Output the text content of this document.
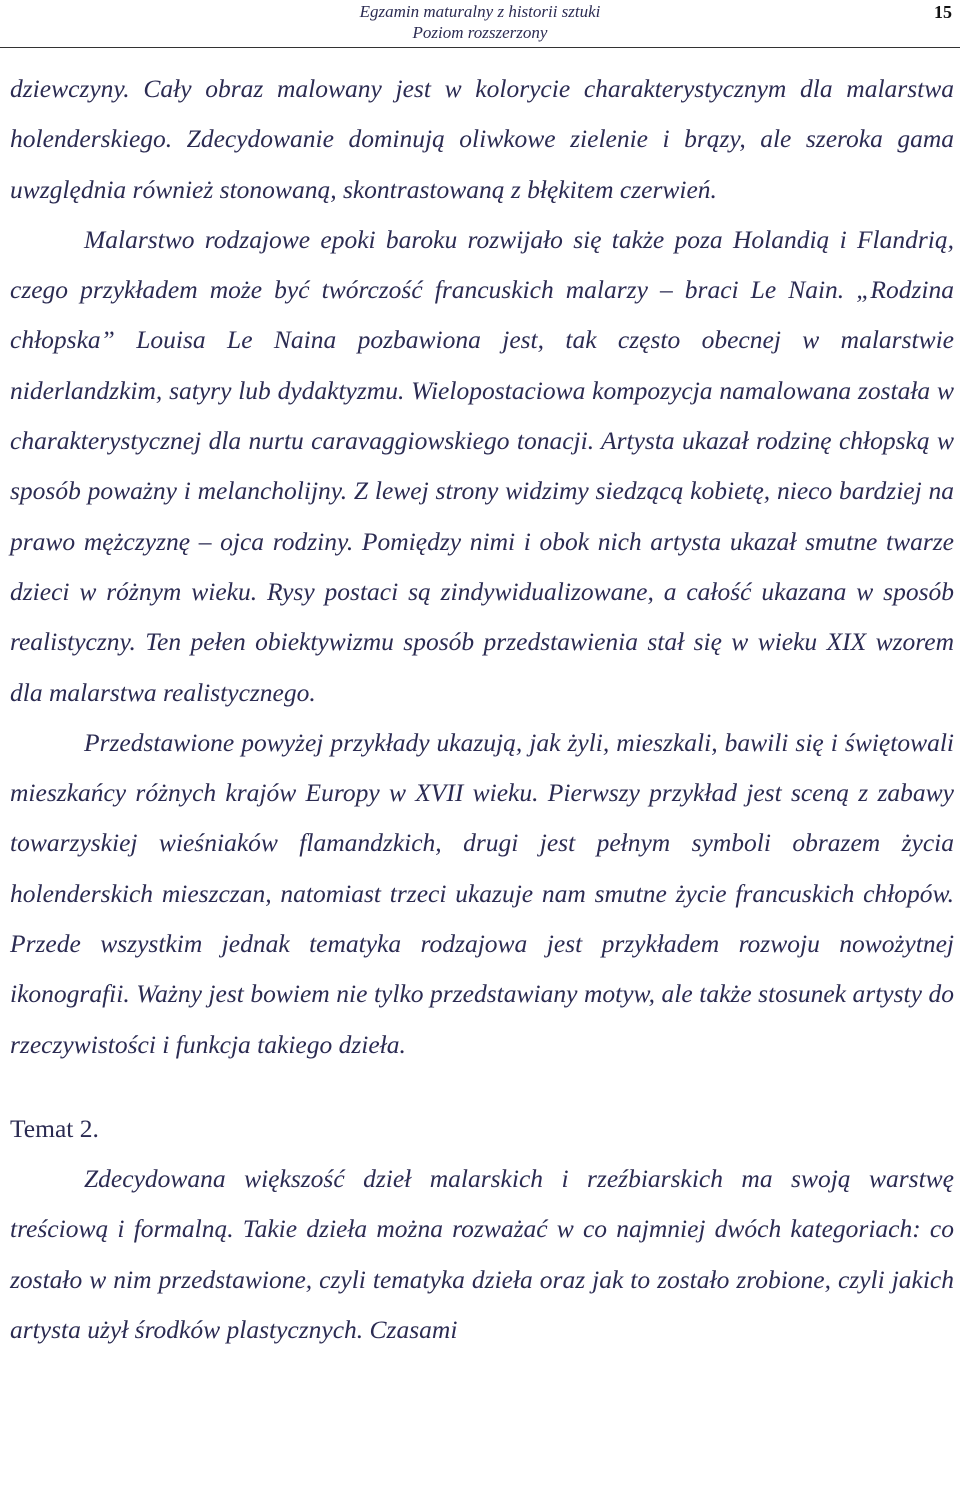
Egzamin maturalny z historii sztuki
Poziom rozszerzony
15

dziewczyny. Cały obraz malowany jest w kolorycie charakterystycznym dla malarstwa holenderskiego. Zdecydowanie dominują oliwkowe zielenie i brązy, ale szeroka gama uwzględnia również stonowaną, skontrastowaną z błękitem czerwień.

Malarstwo rodzajowe epoki baroku rozwijało się także poza Holandią i Flandrią, czego przykładem może być twórczość francuskich malarzy – braci Le Nain. „Rodzina chłopska” Louisa Le Naina pozbawiona jest, tak często obecnej w malarstwie niderlandzkim, satyry lub dydaktyzmu. Wielopostaciowa kompozycja namalowana została w charakterystycznej dla nurtu caravaggiowskiego tonacji. Artysta ukazał rodzinę chłopską w sposób poważny i melancholijny. Z lewej strony widzimy siedzącą kobietę, nieco bardziej na prawo mężczyznę – ojca rodziny. Pomiędzy nimi i obok nich artysta ukazał smutne twarze dzieci w różnym wieku. Rysy postaci są zindywidualizowane, a całość ukazana w sposób realistyczny. Ten pełen obiektywizmu sposób przedstawienia stał się w wieku XIX wzorem dla malarstwa realistycznego.

Przedstawione powyżej przykłady ukazują, jak żyli, mieszkali, bawili się i świętowali mieszkańcy różnych krajów Europy w XVII wieku. Pierwszy przykład jest sceną z zabawy towarzyskiej wieśniaków flamandzkich, drugi jest pełnym symboli obrazem życia holenderskich mieszczan, natomiast trzeci ukazuje nam smutne życie francuskich chłopów. Przede wszystkim jednak tematyka rodzajowa jest przykładem rozwoju nowożytnej ikonografii. Ważny jest bowiem nie tylko przedstawiany motyw, ale także stosunek artysty do rzeczywistości i funkcja takiego dzieła.

Temat 2.

Zdecydowana większość dzieł malarskich i rzeźbiarskich ma swoją warstwę treściową i formalną. Takie dzieła można rozważać w co najmniej dwóch kategoriach: co zostało w nim przedstawione, czyli tematyka dzieła oraz jak to zostało zrobione, czyli jakich artysta użył środków plastycznych. Czasami
